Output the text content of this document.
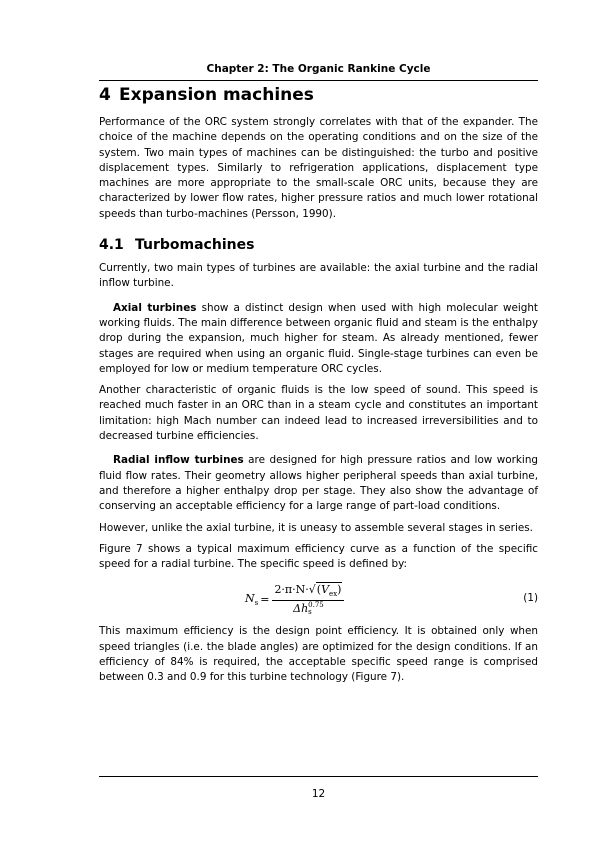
Chapter 2: The Organic Rankine Cycle
4 Expansion machines

Performance of the ORC system strongly correlates with that of the expander. The choice of the machine depends on the operating conditions and on the size of the system. Two main types of machines can be distinguished: the turbo and positive displacement types. Similarly to refrigeration applications, displacement type machines are more appropriate to the small-scale ORC units, because they are characterized by lower flow rates, higher pressure ratios and much lower rotational speeds than turbo-machines (Persson, 1990).

4.1 Turbomachines

Currently, two main types of turbines are available: the axial turbine and the radial inflow turbine.

Axial turbines show a distinct design when used with high molecular weight working fluids. The main difference between organic fluid and steam is the enthalpy drop during the expansion, much higher for steam. As already mentioned, fewer stages are required when using an organic fluid. Single-stage turbines can even be employed for low or medium temperature ORC cycles.

Another characteristic of organic fluids is the low speed of sound. This speed is reached much faster in an ORC than in a steam cycle and constitutes an important limitation: high Mach number can indeed lead to increased irreversibilities and to decreased turbine efficiencies.

Radial inflow turbines are designed for high pressure ratios and low working fluid flow rates. Their geometry allows higher peripheral speeds than axial turbine, and therefore a higher enthalpy drop per stage. They also show the advantage of conserving an acceptable efficiency for a large range of part-load conditions.

However, unlike the axial turbine, it is uneasy to assemble several stages in series.

Figure 7 shows a typical maximum efficiency curve as a function of the specific speed for a radial turbine. The specific speed is defined by:

$N_s = 2\cdot\pi\cdot N\cdot√(V_{ex})$
Δh 0.75
s	(1)

This maximum efficiency is the design point efficiency. It is obtained only when speed triangles (i.e. the blade angles) are optimized for the design conditions. If an efficiency of 84% is required, the acceptable specific speed range is comprised between 0.3 and 0.9 for this turbine technology (Figure 7).

12
